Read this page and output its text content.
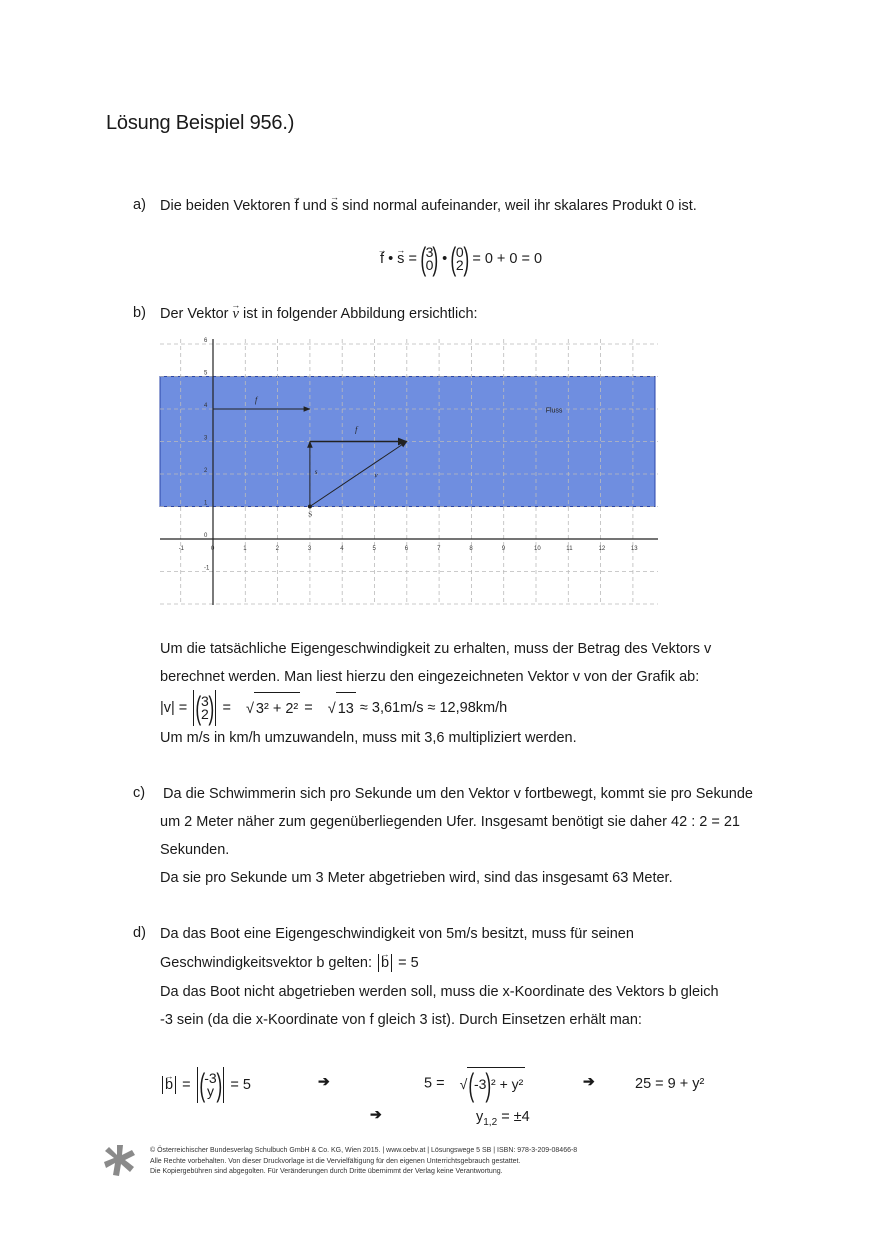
Lösung Beispiel 956.)
a) Die beiden Vektoren → f und → s sind normal aufeinander, weil ihr skalares Produkt 0 ist.
→ f • → s = ( 3
0 ) • ( 0
2 ) = 0 + 0 = 0
b) Der Vektor → v ist in folgender Abbildung ersichtlich:
-1	0	1	2	3	4	5	6	7	8	9	10	11	12	13
6
5
4
3
2
1
0
-1
f
f
s	v
S
Fluss
Um die tatsächliche Eigengeschwindigkeit zu erhalten, muss der Betrag des Vektors v
berechnet werden. Man liest hierzu den eingezeichneten Vektor v von der Grafik ab:
|v| = ( 3
2 ) = √ 3² + 2² = √ 13 ≈ 3,61m/s ≈ 12,98km/h
Um m/s in km/h umzuwandeln, muss mit 3,6 multipliziert werden.
c) Da die Schwimmerin sich pro Sekunde um den Vektor v fortbewegt, kommt sie pro Sekunde
um 2 Meter näher zum gegenüberliegenden Ufer. Insgesamt benötigt sie daher 42 : 2 = 21
Sekunden.
Da sie pro Sekunde um 3 Meter abgetrieben wird, sind das insgesamt 63 Meter.
d) Da das Boot eine Eigengeschwindigkeit von 5m/s besitzt, muss für seinen
Geschwindigkeitsvektor b gelten: → b = 5
Da das Boot nicht abgetrieben werden soll, muss die x-Koordinate des Vektors b gleich
-3 sein (da die x-Koordinate von f gleich 3 ist). Durch Einsetzen erhält man:
→ b = ( -3
y ) = 5	➔	5 = √(-3)² + y²	➔	25 = 9 + y²
➔	$y_{1,2} = \pm 4$
© Österreichischer Bundesverlag Schulbuch GmbH & Co. KG, Wien 2015. | www.oebv.at | Lösungswege 5 SB | ISBN: 978-3-209-08466-8
Alle Rechte vorbehalten. Von dieser Druckvorlage ist die Vervielfältigung für den eigenen Unterrichtsgebrauch gestattet.
Die Kopiergebühren sind abgegolten. Für Veränderungen durch Dritte übernimmt der Verlag keine Verantwortung.
